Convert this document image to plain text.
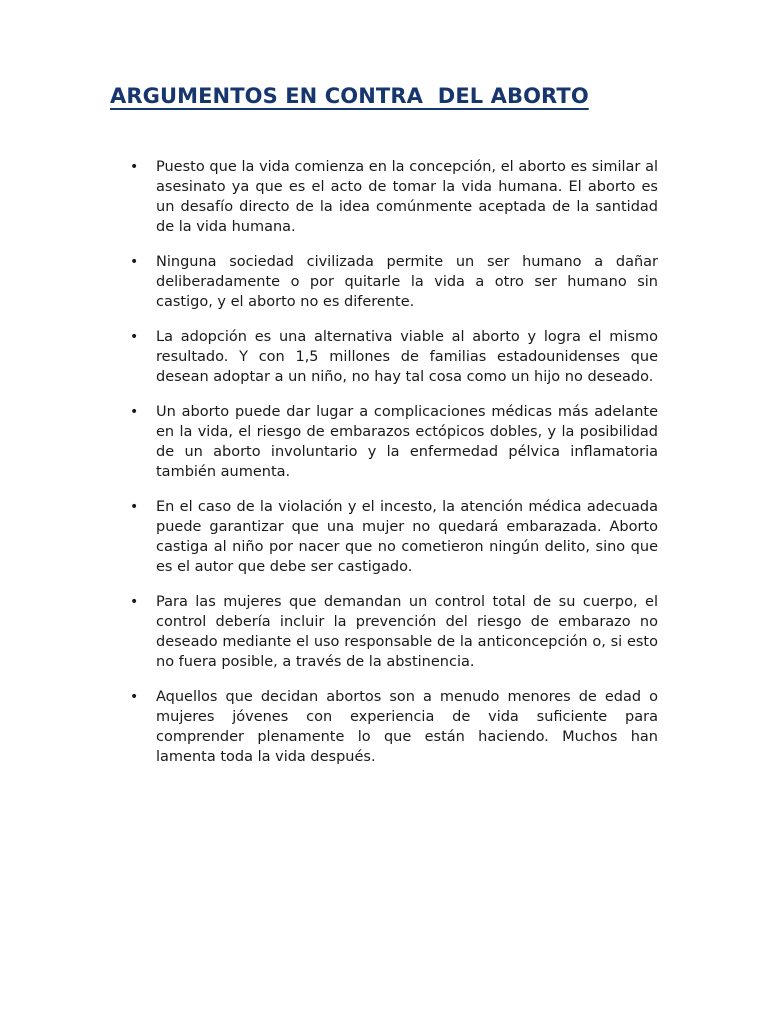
ARGUMENTOS EN CONTRA  DEL ABORTO
• Puesto que la vida comienza en la concepción, el aborto es similar al asesinato ya que es el acto de tomar la vida humana. El aborto es un desafío directo de la idea comúnmente aceptada de la santidad de la vida humana.
• Ninguna sociedad civilizada permite un ser humano a dañar deliberadamente o por quitarle la vida a otro ser humano sin castigo, y el aborto no es diferente.
• La adopción es una alternativa viable al aborto y logra el mismo resultado. Y con 1,5 millones de familias estadounidenses que desean adoptar a un niño, no hay tal cosa como un hijo no deseado.
• Un aborto puede dar lugar a complicaciones médicas más adelante en la vida, el riesgo de embarazos ectópicos dobles, y la posibilidad de un aborto involuntario y la enfermedad pélvica inflamatoria también aumenta.
• En el caso de la violación y el incesto, la atención médica adecuada puede garantizar que una mujer no quedará embarazada. Aborto castiga al niño por nacer que no cometieron ningún delito, sino que es el autor que debe ser castigado.
• Para las mujeres que demandan un control total de su cuerpo, el control debería incluir la prevención del riesgo de embarazo no deseado mediante el uso responsable de la anticoncepción o, si esto no fuera posible, a través de la abstinencia.
• Aquellos que decidan abortos son a menudo menores de edad o mujeres jóvenes con experiencia de vida suficiente para comprender plenamente lo que están haciendo. Muchos han lamenta toda la vida después.
